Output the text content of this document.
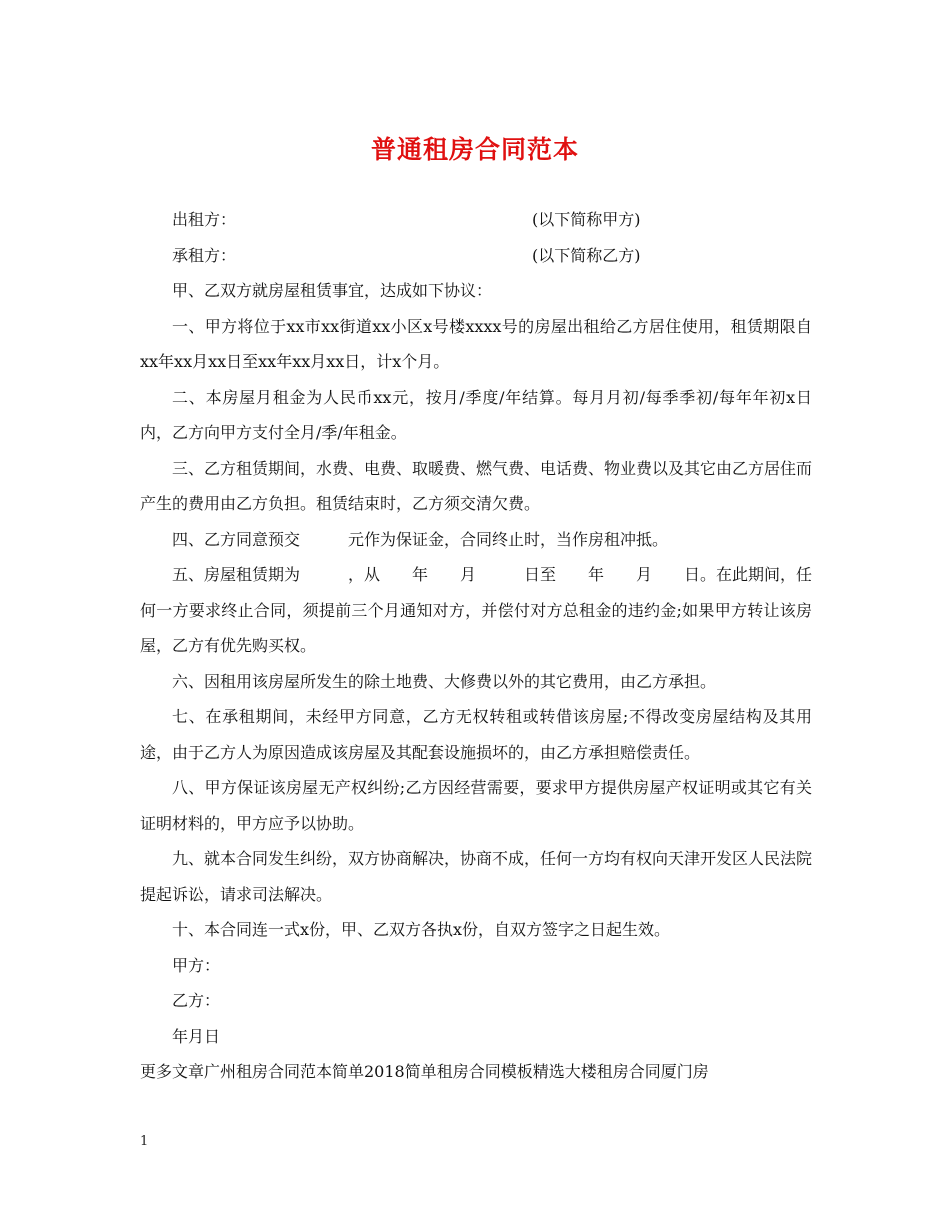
普通租房合同范本
出租方：	(以下简称甲方)
承租方：	(以下简称乙方)

甲、乙双方就房屋租赁事宜，达成如下协议：

一、甲方将位于xx市xx街道xx小区x号楼xxxx号的房屋出租给乙方居住使用，租赁期限自xx年xx月xx日至xx年xx月xx日，计x个月。

二、本房屋月租金为人民币xx元，按月/季度/年结算。每月月初/每季季初/每年年初x日内，乙方向甲方支付全月/季/年租金。

三、乙方租赁期间，水费、电费、取暖费、燃气费、电话费、物业费以及其它由乙方居住而产生的费用由乙方负担。租赁结束时，乙方须交清欠费。

四、乙方同意预交　　　元作为保证金，合同终止时，当作房租冲抵。

五、房屋租赁期为　　　，从　　年　　月　　　日至　　年　　月　　日。在此期间，任何一方要求终止合同，须提前三个月通知对方，并偿付对方总租金的违约金;如果甲方转让该房屋，乙方有优先购买权。

六、因租用该房屋所发生的除土地费、大修费以外的其它费用，由乙方承担。

七、在承租期间，未经甲方同意，乙方无权转租或转借该房屋;不得改变房屋结构及其用途，由于乙方人为原因造成该房屋及其配套设施损坏的，由乙方承担赔偿责任。

八、甲方保证该房屋无产权纠纷;乙方因经营需要，要求甲方提供房屋产权证明或其它有关证明材料的，甲方应予以协助。

九、就本合同发生纠纷，双方协商解决，协商不成，任何一方均有权向天津开发区人民法院提起诉讼，请求司法解决。

十、本合同连一式x份，甲、乙双方各执x份，自双方签字之日起生效。

甲方：

乙方：

年月日

更多文章广州租房合同范本简单2018简单租房合同模板精选大楼租房合同厦门房

1
